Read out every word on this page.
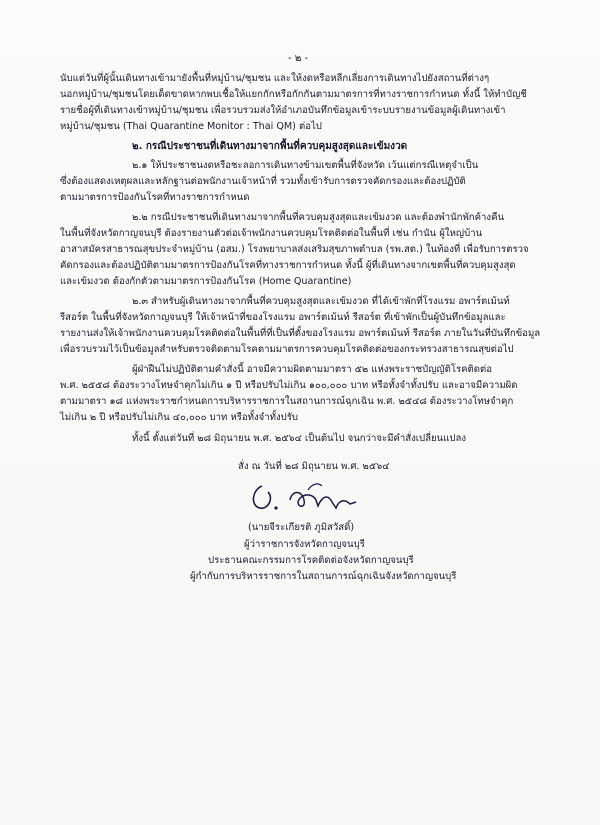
- ๒ -
นับแต่วันที่ผู้นั้นเดินทางเข้ามายังพื้นที่หมู่บ้าน/ชุมชน และให้งดหรือหลีกเลี่ยงการเดินทางไปยังสถานที่ต่างๆ
นอกหมู่บ้าน/ชุมชนโดยเด็ดขาดหากพบเชื้อให้แยกกักหรือกักกันตามมาตรการที่ทางราชการกำหนด ทั้งนี้ ให้ทำบัญชี
รายชื่อผู้ที่เดินทางเข้าหมู่บ้าน/ชุมชน เพื่อรวบรวมส่งให้อำเภอบันทึกข้อมูลเข้าระบบรายงานข้อมูลผู้เดินทางเข้า
หมู่บ้าน/ชุมชน (Thai Quarantine Monitor : Thai QM) ต่อไป
๒. กรณีประชาชนที่เดินทางมาจากพื้นที่ควบคุมสูงสุดและเข้มงวด
๒.๑ ให้ประชาชนงดหรือชะลอการเดินทางข้ามเขตพื้นที่จังหวัด เว้นแต่กรณีเหตุจำเป็น
ซึ่งต้องแสดงเหตุผลและหลักฐานต่อพนักงานเจ้าหน้าที่ รวมทั้งเข้ารับการตรวจคัดกรองและต้องปฏิบัติ
ตามมาตรการป้องกันโรคที่ทางราชการกำหนด
๒.๒ กรณีประชาชนที่เดินทางมาจากพื้นที่ควบคุมสูงสุดและเข้มงวด และต้องพำนักพักค้างคืน
ในพื้นที่จังหวัดกาญจนบุรี ต้องรายงานตัวต่อเจ้าพนักงานควบคุมโรคติดต่อในพื้นที่ เช่น กำนัน ผู้ใหญ่บ้าน
อาสาสมัครสาธารณสุขประจำหมู่บ้าน (อสม.) โรงพยาบาลส่งเสริมสุขภาพตำบล (รพ.สต.) ในท้องที่ เพื่อรับการตรวจ
คัดกรองและต้องปฏิบัติตามมาตรการป้องกันโรคที่ทางราชการกำหนด ทั้งนี้ ผู้ที่เดินทางจากเขตพื้นที่ควบคุมสูงสุด
และเข้มงวด ต้องกักตัวตามมาตรการป้องกันโรค (Home Quarantine)
๒.๓ สำหรับผู้เดินทางมาจากพื้นที่ควบคุมสูงสุดและเข้มงวด ที่ได้เข้าพักที่โรงแรม อพาร์ตเม้นท์
รีสอร์ต ในพื้นที่จังหวัดกาญจนบุรี ให้เจ้าหน้าที่ของโรงแรม อพาร์ตเม้นท์ รีสอร์ต ที่เข้าพักเป็นผู้บันทึกข้อมูลและ
รายงานส่งให้เจ้าพนักงานควบคุมโรคติดต่อในพื้นที่ที่เป็นที่ตั้งของโรงแรม อพาร์ตเม้นท์ รีสอร์ต ภายในวันที่บันทึกข้อมูล
เพื่อรวบรวมไว้เป็นข้อมูลสำหรับตรวจติดตามโรคตามมาตรการควบคุมโรคติดต่อของกระทรวงสาธารณสุขต่อไป
ผู้ฝ่าฝืนไม่ปฏิบัติตามคำสั่งนี้ อาจมีความผิดตามมาตรา ๕๒ แห่งพระราชบัญญัติโรคติดต่อ
พ.ศ. ๒๕๕๘ ต้องระวางโทษจำคุกไม่เกิน ๑ ปี หรือปรับไม่เกิน ๑๐๐,๐๐๐ บาท หรือทั้งจำทั้งปรับ และอาจมีความผิด
ตามมาตรา ๑๘ แห่งพระราชกำหนดการบริหารราชการในสถานการณ์ฉุกเฉิน พ.ศ. ๒๕๔๘ ต้องระวางโทษจำคุก
ไม่เกิน ๒ ปี หรือปรับไม่เกิน ๔๐,๐๐๐ บาท หรือทั้งจำทั้งปรับ
ทั้งนี้ ตั้งแต่วันที่ ๒๘ มิถุนายน พ.ศ. ๒๕๖๔ เป็นต้นไป จนกว่าจะมีคำสั่งเปลี่ยนแปลง
สั่ง ณ วันที่ ๒๘ มิถุนายน พ.ศ. ๒๕๖๔
(นายจีระเกียรติ ภูมิสวัสดิ์)
ผู้ว่าราชการจังหวัดกาญจนบุรี
ประธานคณะกรรมการโรคติดต่อจังหวัดกาญจนบุรี
ผู้กำกับการบริหารราชการในสถานการณ์ฉุกเฉินจังหวัดกาญจนบุรี
